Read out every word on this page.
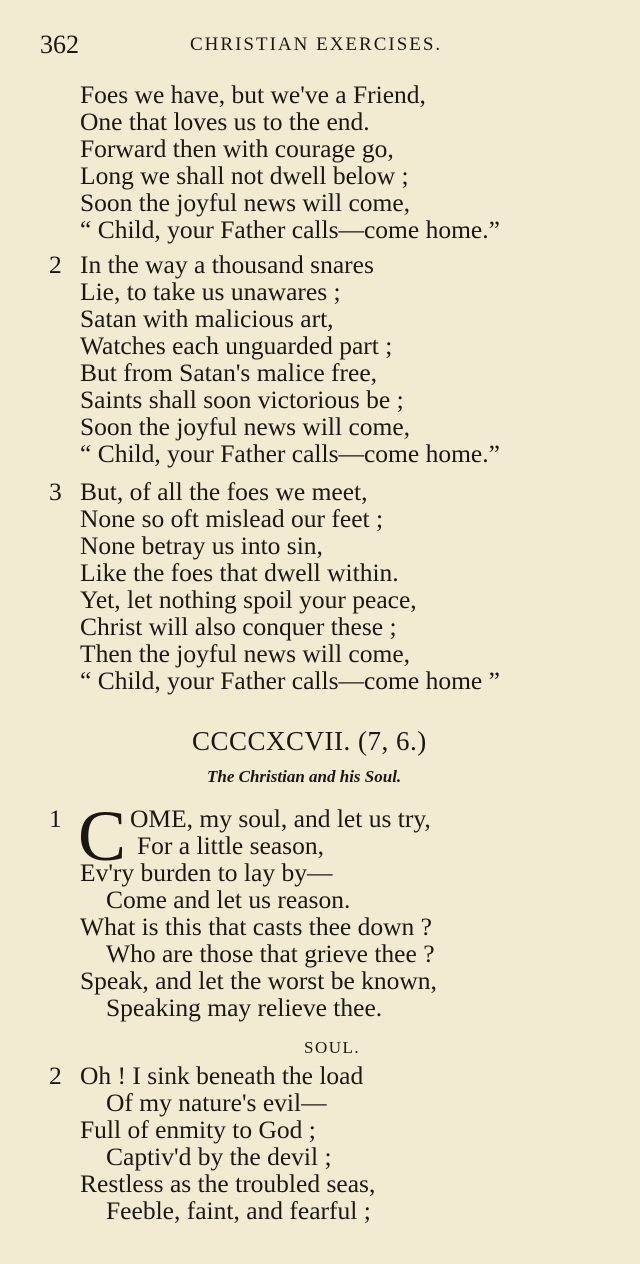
362	CHRISTIAN EXERCISES.
Foes we have, but we've a Friend,
One that loves us to the end.
Forward then with courage go,
Long we shall not dwell below ;
Soon the joyful news will come,
“ Child, your Father calls—come home.”
2 In the way a thousand snares
Lie, to take us unawares ;
Satan with malicious art,
Watches each unguarded part ;
But from Satan's malice free,
Saints shall soon victorious be ;
Soon the joyful news will come,
“ Child, your Father calls—come home.”
3 But, of all the foes we meet,
None so oft mislead our feet ;
None betray us into sin,
Like the foes that dwell within.
Yet, let nothing spoil your peace,
Christ will also conquer these ;
Then the joyful news will come,
“ Child, your Father calls—come home ”
CCCCXCVII. (7, 6.)
The Christian and his Soul.
1 C OME, my soul, and let us try,
For a little season,
Ev'ry burden to lay by—
Come and let us reason.
What is this that casts thee down ?
Who are those that grieve thee ?
Speak, and let the worst be known,
Speaking may relieve thee.
SOUL.
2 Oh ! I sink beneath the load
Of my nature's evil—
Full of enmity to God ;
Captiv'd by the devil ;
Restless as the troubled seas,
Feeble, faint, and fearful ;
